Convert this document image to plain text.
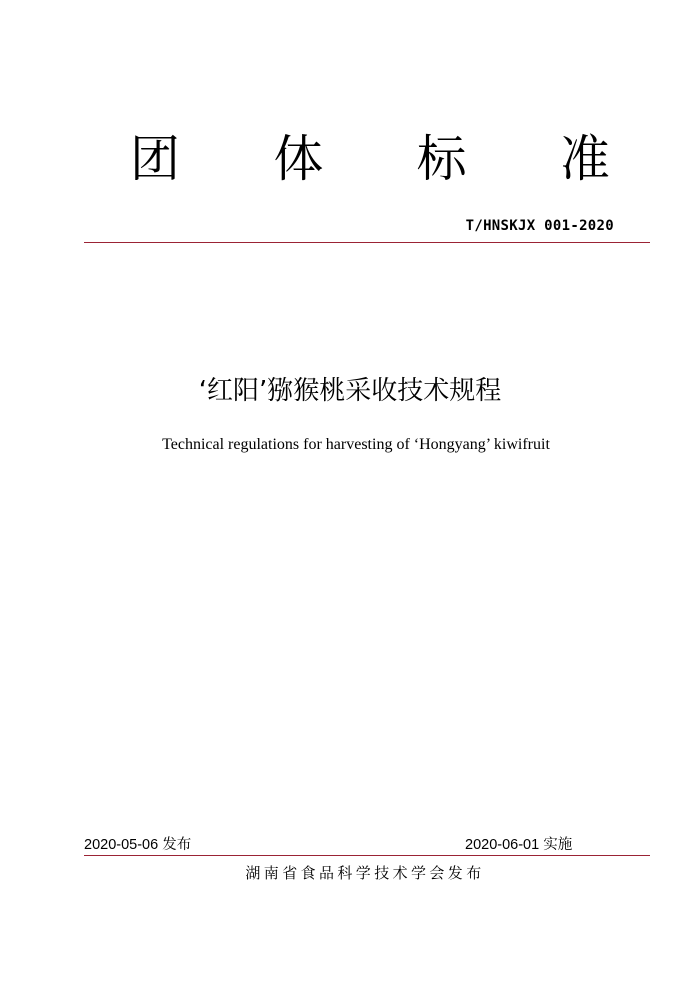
团	体	标	准
T/HNSKJX 001-2020
‘红阳’猕猴桃采收技术规程
Technical regulations for harvesting of ‘Hongyang’ kiwifruit
2020-05-06 发布	2020-06-01 实施
湖南省食品科学技术学会发布
